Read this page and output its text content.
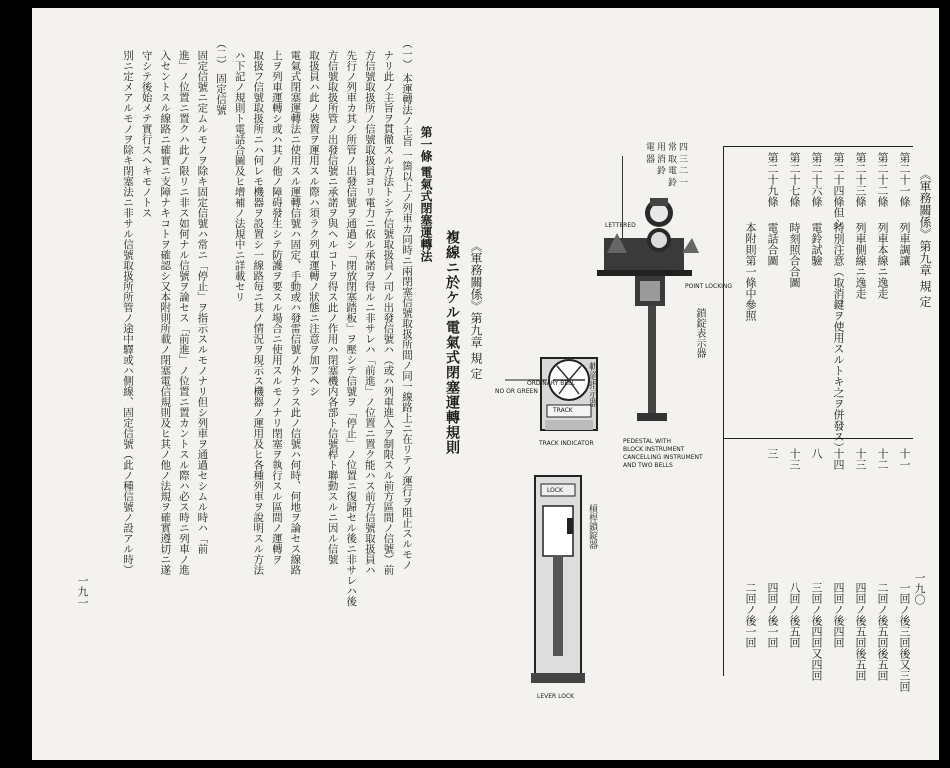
《軍務關係》第九章 規 定
複線ニ於ケル電氣式閉塞運轉規則
第一條 電氣式閉塞運轉法
（一） 本運轉法ノ主旨 一箇以上ノ列車カ同時ニ兩閉塞信號取扱所間ノ同一線路上ニ在リテノ運行ヲ阻止スルモノ
ナリ此ノ主旨ヲ貫徹スル方法トシテ信號取扱員ノ司ル出發信號ハ（或ハ列車進入ヲ制限スル前方區間ノ信號）前
方信號取扱所ノ信號取扱員ヨリ電力ニ依ル承諾ヲ得ルニ非サレハ「前進」ノ位置ニ置ク能ハス前方信號取扱員ハ
先行ノ列車カ其ノ所管ノ出發信號ヲ通過シ「閉放閉塞踏板」ヲ壓シテ信號ヲ「停止」ノ位置ニ復歸セル後ニ非サレハ後
方信號取扱所管ノ出發信號ニ承諾ヲ與ヘルコトヲ得ス此ノ作用ハ閉塞機内各部ト信號桿ト聯動スルニ因ル信號
取扱員ハ此ノ裝置ヲ運用スル際ハ須ラク列車運轉ノ狀態ニ注意ヲ加フヘシ
電氣式閉塞運轉法ニ使用スル運轉信號ハ固定、手動或ハ發雷信號ノ外ナラス此ノ信號ハ何時、何地ヲ論セス線路
上ヲ列車運轉シ或ハ其ノ他ノ障碍發生シテ防護ヲ要スル場合ニ使用スルモノナリ閉塞ヲ執行スル區間ノ運轉ヲ
取扱フ信號取扱所ニハ何レモ機器ヲ設置シ一線路毎ニ其ノ情況ヲ現示ス機器ノ運用及ヒ各種列車ヲ說明スル方法
ハ下記ノ規則ト電話合圖及ヒ增補ノ法規中ニ詳載セリ
（二） 固定信號
固定信號ニ定ムルモノヲ除キ固定信號ハ常ニ「停止」ヲ指示スルモノナリ但シ列車ヲ通過セシムル時ハ「前
進」ノ位置ニ置クハ此ノ限リニ非ス如何ナル信號ヲ論セス「前進」ノ位置ニ置カントスル際ハ必ス時ニ列車ノ進
入セントスル線路ニ確實ニ支障ナキコトヲ確認シ又本附則所載ノ閉塞電信規則及ヒ其ノ他ノ法規ヲ確實遵切ニ遂
守シテ後始メテ實行スヘキモノトス
別ニ定メアルモノヲ除キ閉塞法ニ非サル信號取扱所所管ノ途中驛或ハ側線、固定信號（此ノ種信號ノ設アル時）
一九一
《軍務關係》第九章 規 定
一九〇
第二十一條
列車調讓
十一
一回ノ後三回後又三回
第二十二條
列車本線ニ逸走
十二
二回ノ後五回後五回
第二十三條
列車側線ニ逸走
十三
四回ノ後五回後五回
第二十四條但シ
特別注意（取消鍵ヲ使用スルトキ之ヲ併發ス）
十四
四回ノ後四回
第二十六條
電鈴試驗
八
三回ノ後四回又四回
第二十七條
時刻照合合圖
十三
八回ノ後五回
第二十九條
電話合圖
三
四回ノ後一回
本附則第一條中參照
二回ノ後一回
TRACK INDICATOR
TRACK
LEVER LOCK
LOCK
NO OR GREEN
PEDESTAL WITH
BLOCK INSTRUMENT
CANCELLING INSTRUMENT
AND TWO BELLS
LETTERED
BELL
POINT LOCKING
ORDINARY BELL
鎖錠表示器
軌道指示器
槓桿鎖錠器
四 三 二 一
常 取 電 鈴
用 消 鈴
電 器
